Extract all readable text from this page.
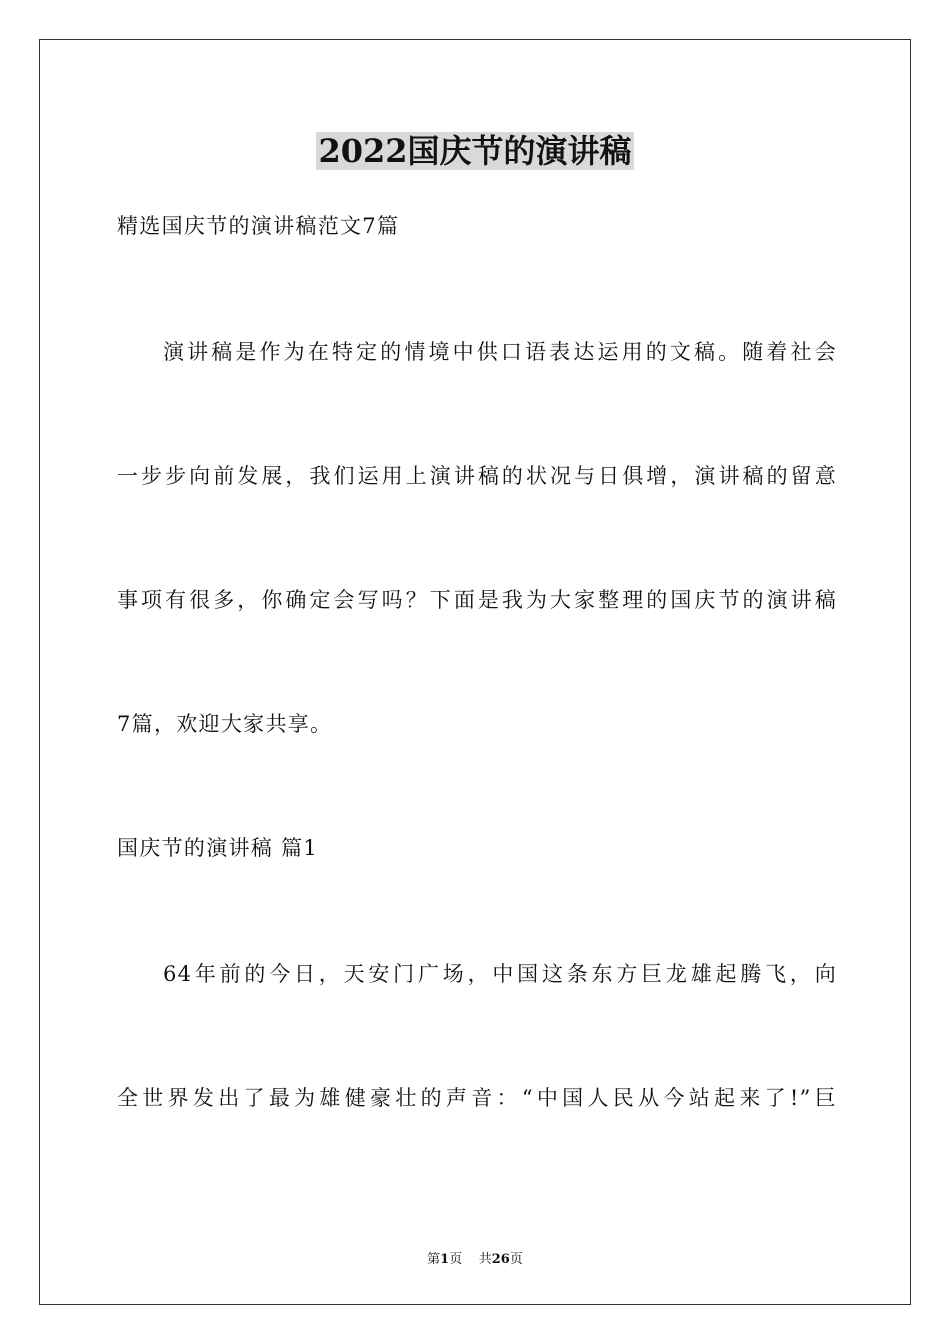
2022国庆节的演讲稿
精选国庆节的演讲稿范文7篇
演讲稿是作为在特定的情境中供口语表达运用的文稿。随着社会
一步步向前发展，我们运用上演讲稿的状况与日俱增，演讲稿的留意
事项有很多，你确定会写吗？下面是我为大家整理的国庆节的演讲稿
7篇，欢迎大家共享。
国庆节的演讲稿 篇1
64年前的今日，天安门广场，中国这条东方巨龙雄起腾飞，向
全世界发出了最为雄健豪壮的声音：“中国人民从今站起来了!”巨
第1页 共26页
